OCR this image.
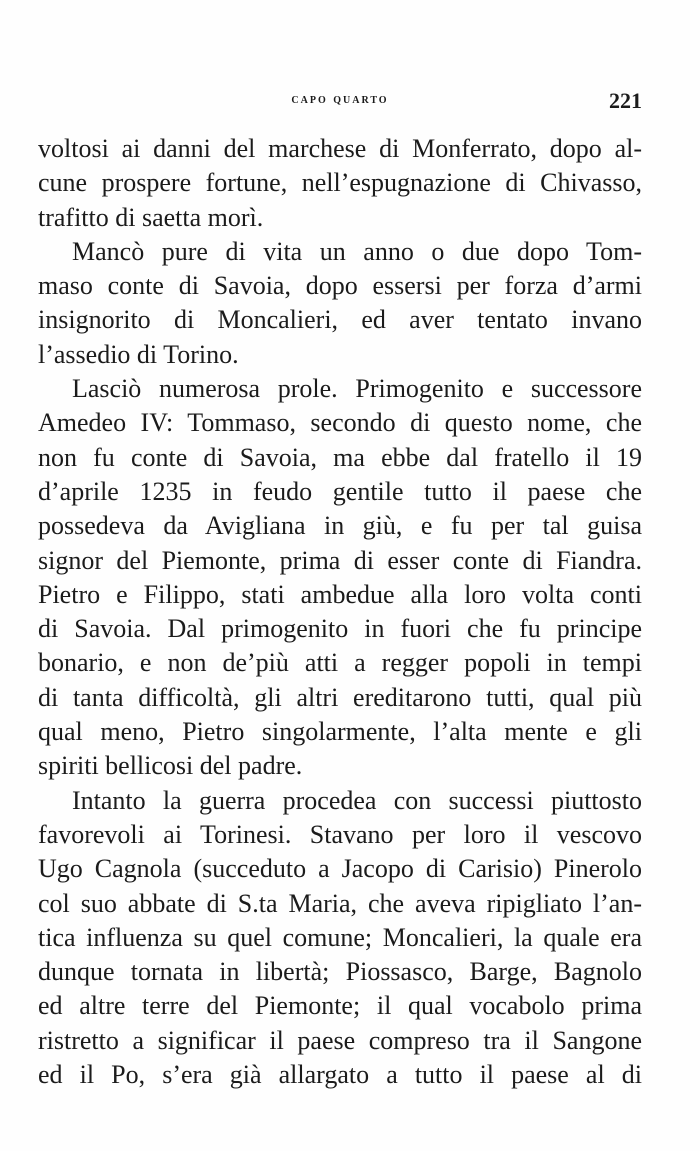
capo quarto	221
voltosi ai danni del marchese di Monferrato, dopo al-
cune prospere fortune, nell’espugnazione di Chivasso,
trafitto di saetta morì.
Mancò pure di vita un anno o due dopo Tom-
maso conte di Savoia, dopo essersi per forza d’armi
insignorito di Moncalieri, ed aver tentato invano
l’assedio di Torino.
Lasciò numerosa prole. Primogenito e successore
Amedeo IV: Tommaso, secondo di questo nome, che
non fu conte di Savoia, ma ebbe dal fratello il 19
d’aprile 1235 in feudo gentile tutto il paese che
possedeva da Avigliana in giù, e fu per tal guisa
signor del Piemonte, prima di esser conte di Fiandra.
Pietro e Filippo, stati ambedue alla loro volta conti
di Savoia. Dal primogenito in fuori che fu principe
bonario, e non de’più atti a regger popoli in tempi
di tanta difficoltà, gli altri ereditarono tutti, qual più
qual meno, Pietro singolarmente, l’alta mente e gli
spiriti bellicosi del padre.
Intanto la guerra procedea con successi piuttosto
favorevoli ai Torinesi. Stavano per loro il vescovo
Ugo Cagnola (succeduto a Jacopo di Carisio) Pinerolo
col suo abbate di S.ta Maria, che aveva ripigliato l’an-
tica influenza su quel comune; Moncalieri, la quale era
dunque tornata in libertà; Piossasco, Barge, Bagnolo
ed altre terre del Piemonte; il qual vocabolo prima
ristretto a significar il paese compreso tra il Sangone
ed il Po, s’era già allargato a tutto il paese al di
